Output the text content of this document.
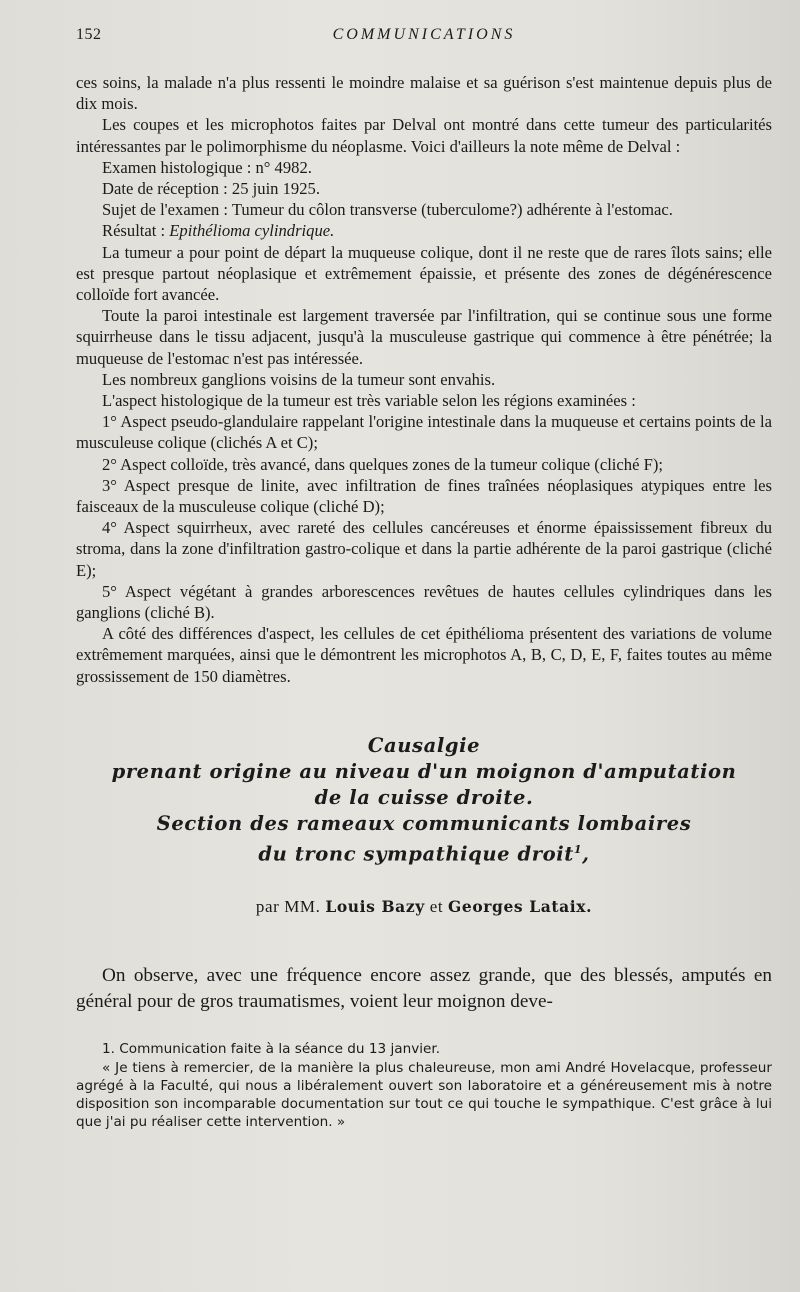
152	COMMUNICATIONS

ces soins, la malade n'a plus ressenti le moindre malaise et sa guérison s'est maintenue depuis plus de dix mois.

Les coupes et les microphotos faites par Delval ont montré dans cette tumeur des particularités intéressantes par le polimorphisme du néoplasme. Voici d'ailleurs la note même de Delval :

Examen histologique : n° 4982.

Date de réception : 25 juin 1925.

Sujet de l'examen : Tumeur du côlon transverse (tuberculome?) adhérente à l'estomac.

Résultat : Epithélioma cylindrique.

La tumeur a pour point de départ la muqueuse colique, dont il ne reste que de rares îlots sains; elle est presque partout néoplasique et extrêmement épaissie, et présente des zones de dégénérescence colloïde fort avancée.

Toute la paroi intestinale est largement traversée par l'infiltration, qui se continue sous une forme squirrheuse dans le tissu adjacent, jusqu'à la musculeuse gastrique qui commence à être pénétrée; la muqueuse de l'estomac n'est pas intéressée.

Les nombreux ganglions voisins de la tumeur sont envahis.

L'aspect histologique de la tumeur est très variable selon les régions examinées :

1° Aspect pseudo-glandulaire rappelant l'origine intestinale dans la muqueuse et certains points de la musculeuse colique (clichés A et C);

2° Aspect colloïde, très avancé, dans quelques zones de la tumeur colique (cliché F);

3° Aspect presque de linite, avec infiltration de fines traînées néoplasiques atypiques entre les faisceaux de la musculeuse colique (cliché D);

4° Aspect squirrheux, avec rareté des cellules cancéreuses et énorme épaississement fibreux du stroma, dans la zone d'infiltration gastro-colique et dans la partie adhérente de la paroi gastrique (cliché E);

5° Aspect végétant à grandes arborescences revêtues de hautes cellules cylindriques dans les ganglions (cliché B).

A côté des différences d'aspect, les cellules de cet épithélioma présentent des variations de volume extrêmement marquées, ainsi que le démontrent les microphotos A, B, C, D, E, F, faites toutes au même grossissement de 150 diamètres.

Causalgie
prenant origine au niveau d'un moignon d'amputation
de la cuisse droite.
Section des rameaux communicants lombaires
du tronc sympathique droit$^1$,
par MM. Louis Bazy et Georges Lataix.

On observe, avec une fréquence encore assez grande, que des blessés, amputés en général pour de gros traumatismes, voient leur moignon deve-

1. Communication faite à la séance du 13 janvier.

« Je tiens à remercier, de la manière la plus chaleureuse, mon ami André Hovelacque, professeur agrégé à la Faculté, qui nous a libéralement ouvert son laboratoire et a généreusement mis à notre disposition son incomparable documentation sur tout ce qui touche le sympathique. C'est grâce à lui que j'ai pu réaliser cette intervention. »
